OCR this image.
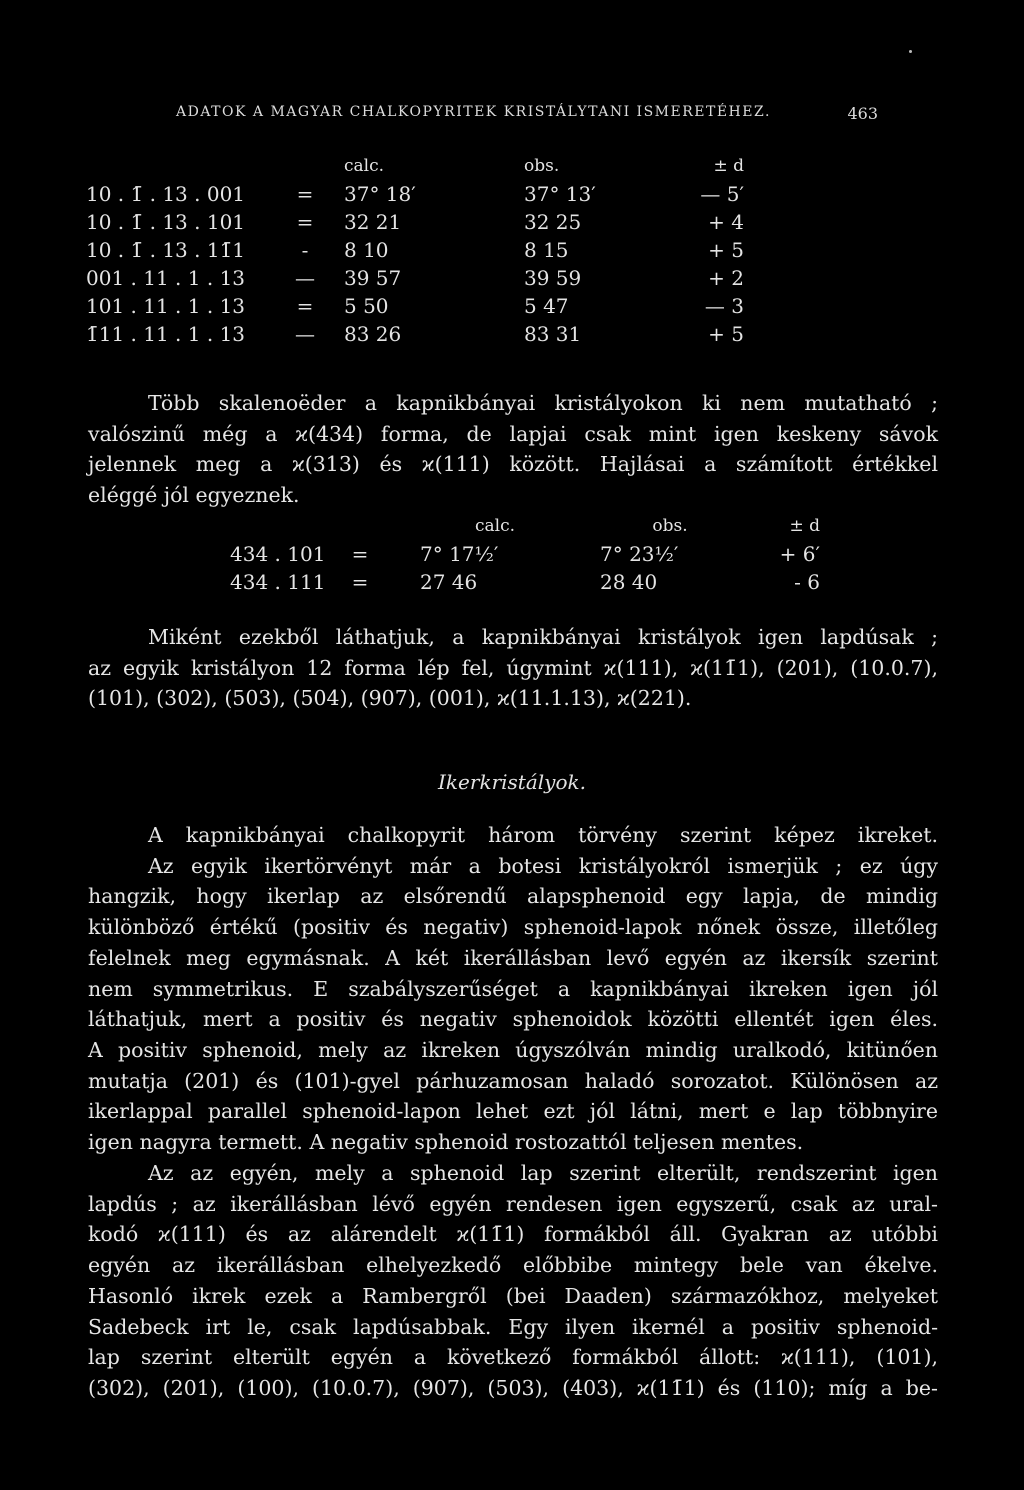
ADATOK A MAGYAR CHALKOPYRITEK KRISTÁLYTANI ISMERETÉHEZ.	463
		calc.		obs.	± d
10 . 1̄ . 13 . 001	=	37° 18′		37° 13′	— 5′
10 . 1̄ . 13 . 101	=	32 21		32 25	+ 4
10 . 1̄ . 13 . 11̄1	-	8 10		8 15	+ 5
001 . 11 . 1 . 13	—	39 57		39 59	+ 2
101 . 11 . 1 . 13	=	5 50		5 47	— 3
1̄11 . 11 . 1 . 13	—	83 26		83 31	+ 5
Több skalenoëder a kapnikbányai kristályokon ki nem mutatható ;
valószinű még a ϰ(434) forma, de lapjai csak mint igen keskeny sávok
jelennek meg a ϰ(313) és ϰ(111) között. Hajlásai a számított értékkel
eléggé jól egyeznek.
		calc.		obs.	± d
434 . 101	=	7° 17½′		7° 23½′	+ 6′
434 . 111	=	27 46		28 40	- 6
Miként ezekből láthatjuk, a kapnikbányai kristályok igen lapdúsak ;
az egyik kristályon 12 forma lép fel, úgymint ϰ(111), ϰ(11̄1), (201), (10.0.7),
(101), (302), (503), (504), (907), (001), ϰ(11.1.13), ϰ(221).
Ikerkristályok.
A kapnikbányai chalkopyrit három törvény szerint képez ikreket.
Az egyik ikertörvényt már a botesi kristályokról ismerjük ; ez úgy
hangzik, hogy ikerlap az elsőrendű alapsphenoid egy lapja, de mindig
különböző értékű (positiv és negativ) sphenoid-lapok nőnek össze, illetőleg
felelnek meg egymásnak. A két ikerállásban levő egyén az ikersík szerint
nem symmetrikus. E szabályszerűséget a kapnikbányai ikreken igen jól
láthatjuk, mert a positiv és negativ sphenoidok közötti ellentét igen éles.
A positiv sphenoid, mely az ikreken úgyszólván mindig uralkodó, kitünően
mutatja (201) és (101)-gyel párhuzamosan haladó sorozatot. Különösen az
ikerlappal parallel sphenoid-lapon lehet ezt jól látni, mert e lap többnyire
igen nagyra termett. A negativ sphenoid rostozattól teljesen mentes.
Az az egyén, mely a sphenoid lap szerint elterült, rendszerint igen
lapdús ; az ikerállásban lévő egyén rendesen igen egyszerű, csak az ural-
kodó ϰ(111) és az alárendelt ϰ(11̄1) formákból áll. Gyakran az utóbbi
egyén az ikerállásban elhelyezkedő előbbibe mintegy bele van ékelve.
Hasonló ikrek ezek a Rambergről (bei Daaden) származókhoz, melyeket
Sadebeck irt le, csak lapdúsabbak. Egy ilyen ikernél a positiv sphenoid-
lap szerint elterült egyén a következő formákból állott: ϰ(111), (101),
(302), (201), (100), (10.0.7), (907), (503), (403), ϰ(11̄1) és (110); míg a be-
